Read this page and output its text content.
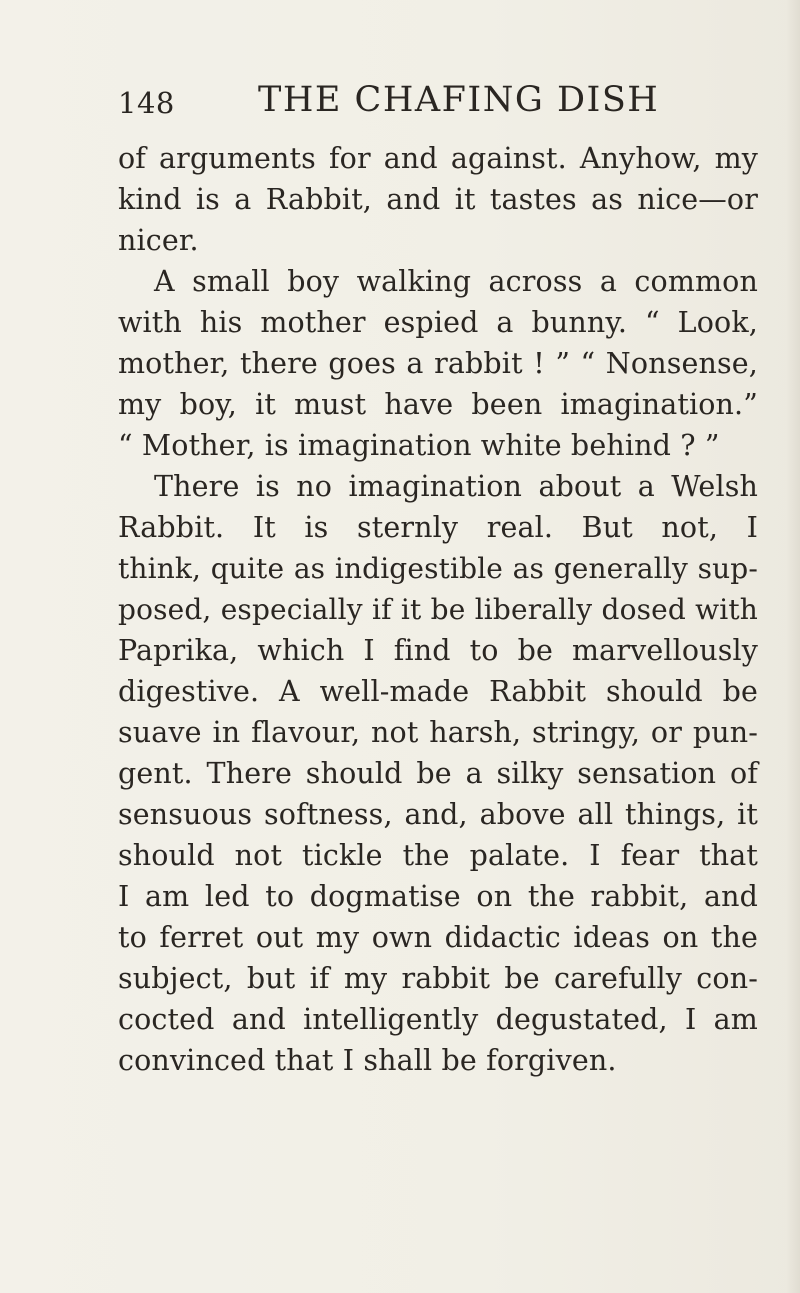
148 THE CHAFING DISH
of arguments for and against. Anyhow, my
kind is a Rabbit, and it tastes as nice—or
nicer.
A small boy walking across a common
with his mother espied a bunny. “ Look,
mother, there goes a rabbit ! ” “ Nonsense,
my boy, it must have been imagination.”
“ Mother, is imagination white behind ? ”
There is no imagination about a Welsh
Rabbit. It is sternly real. But not, I
think, quite as indigestible as generally sup-
posed, especially if it be liberally dosed with
Paprika, which I find to be marvellously
digestive. A well-made Rabbit should be
suave in flavour, not harsh, stringy, or pun-
gent. There should be a silky sensation of
sensuous softness, and, above all things, it
should not tickle the palate. I fear that
I am led to dogmatise on the rabbit, and
to ferret out my own didactic ideas on the
subject, but if my rabbit be carefully con-
cocted and intelligently degustated, I am
convinced that I shall be forgiven.
